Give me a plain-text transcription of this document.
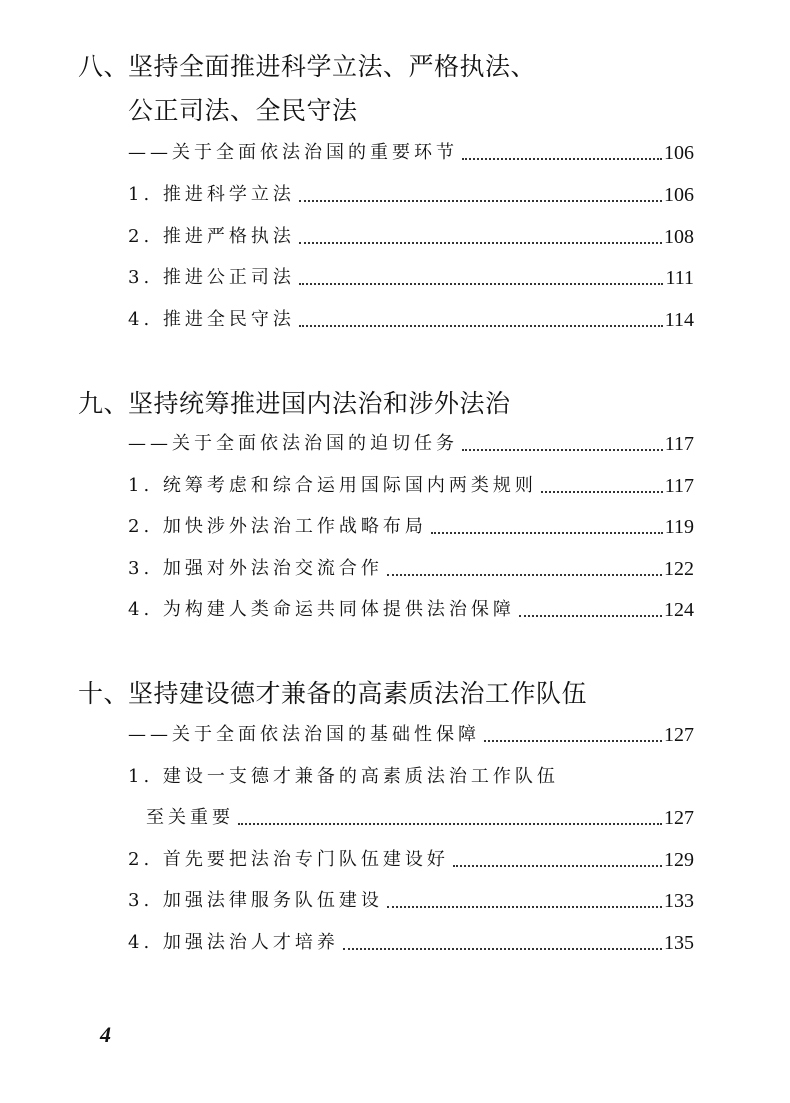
八、坚持全面推进科学立法、严格执法、
公正司法、全民守法
——关于全面依法治国的重要环节	106
1. 推进科学立法	106
2. 推进严格执法	108
3. 推进公正司法	111
4. 推进全民守法	114
九、坚持统筹推进国内法治和涉外法治
——关于全面依法治国的迫切任务	117
1. 统筹考虑和综合运用国际国内两类规则	117
2. 加快涉外法治工作战略布局	119
3. 加强对外法治交流合作	122
4. 为构建人类命运共同体提供法治保障	124
十、坚持建设德才兼备的高素质法治工作队伍
——关于全面依法治国的基础性保障	127
1. 建设一支德才兼备的高素质法治工作队伍
至关重要	127
2. 首先要把法治专门队伍建设好	129
3. 加强法律服务队伍建设	133
4. 加强法治人才培养	135
4
